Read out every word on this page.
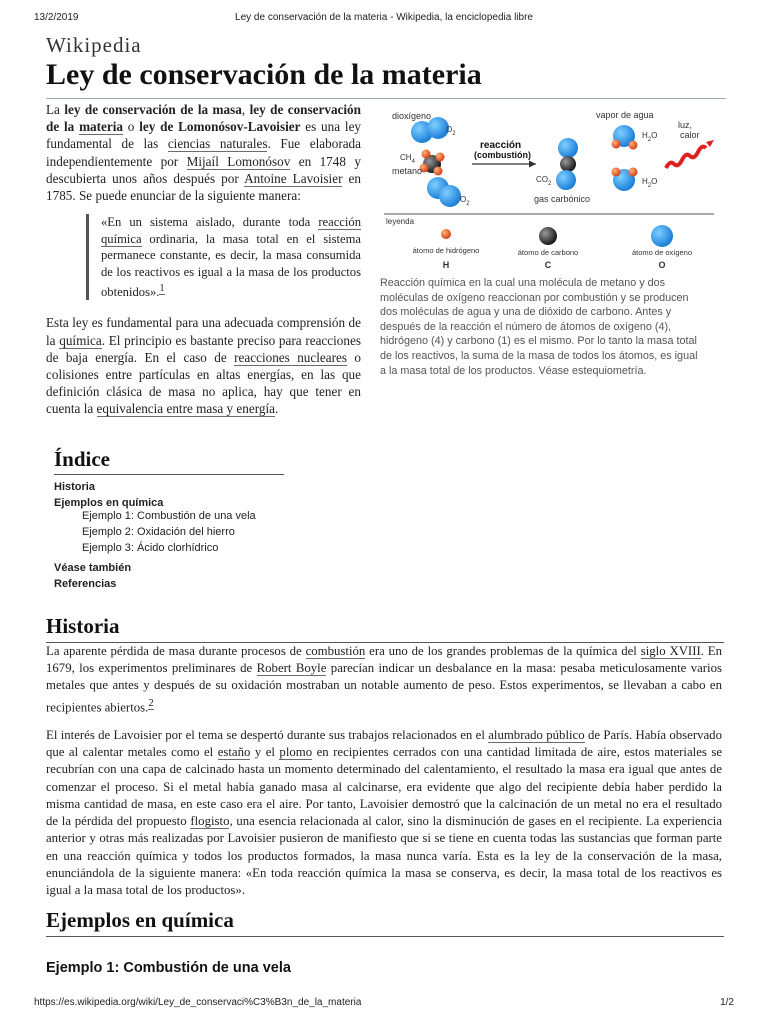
13/2/2019	Ley de conservación de la materia - Wikipedia, la enciclopedia libre
Wikipedia
Ley de conservación de la materia

La ley de conservación de la masa, ley de conservación de la materia o ley de Lomonósov-Lavoisier es una ley fundamental de las ciencias naturales. Fue elaborada independientemente por Mijaíl Lomonósov en 1748 y descubierta unos años después por Antoine Lavoisier en 1785. Se puede enunciar de la siguiente manera:

«En un sistema aislado, durante toda reacción química ordinaria, la masa total en el sistema permanece constante, es decir, la masa consumida de los reactivos es igual a la masa de los productos obtenidos».$^1$

Esta ley es fundamental para una adecuada comprensión de la química. El principio es bastante preciso para reacciones de baja energía. En el caso de reacciones nucleares o colisiones entre partículas en altas energías, en las que definición clásica de masa no aplica, hay que tener en cuenta la equivalencia entre masa y energía.

dioxígeno
$O_2$
$CH_4$
metano
$O_2$
reacción
(combustión)
$CO_2$
gas carbónico
vapor de agua
$H_2O$
$H_2O$
luz,
calor
leyenda
átomo de hidrógeno
H
átomo de carbono
C
átomo de oxígeno
O
Reacción química en la cual una molécula de metano y dos moléculas de oxígeno reaccionan por combustión y se producen dos moléculas de agua y una de dióxido de carbono. Antes y después de la reacción el número de átomos de oxígeno (4), hidrógeno (4) y carbono (1) es el mismo. Por lo tanto la masa total de los reactivos, la suma de la masa de todos los átomos, es igual a la masa total de los productos. Véase estequiometría.
Índice
Historia
Ejemplos en química
Ejemplo 1: Combustión de una vela
Ejemplo 2: Oxidación del hierro
Ejemplo 3: Ácido clorhídrico
Véase también
Referencias
Historia

La aparente pérdida de masa durante procesos de combustión era uno de los grandes problemas de la química del siglo XVIII. En 1679, los experimentos preliminares de Robert Boyle parecían indicar un desbalance en la masa: pesaba meticulosamente varios metales que antes y después de su oxidación mostraban un notable aumento de peso. Estos experimentos, se llevaban a cabo en recipientes abiertos.$^2$

El interés de Lavoisier por el tema se despertó durante sus trabajos relacionados en el alumbrado público de París. Había observado que al calentar metales como el estaño y el plomo en recipientes cerrados con una cantidad limitada de aire, estos materiales se recubrían con una capa de calcinado hasta un momento determinado del calentamiento, el resultado la masa era igual que antes de comenzar el proceso. Si el metal había ganado masa al calcinarse, era evidente que algo del recipiente debía haber perdido la misma cantidad de masa, en este caso era el aire. Por tanto, Lavoisier demostró que la calcinación de un metal no era el resultado de la pérdida del propuesto flogisto, una esencia relacionada al calor, sino la disminución de gases en el recipiente. La experiencia anterior y otras más realizadas por Lavoisier pusieron de manifiesto que si se tiene en cuenta todas las sustancias que forman parte en una reacción química y todos los productos formados, la masa nunca varía. Esta es la ley de la conservación de la masa, enunciándola de la siguiente manera: «En toda reacción química la masa se conserva, es decir, la masa total de los reactivos es igual a la masa total de los productos».

Ejemplos en química
Ejemplo 1: Combustión de una vela
https://es.wikipedia.org/wiki/Ley_de_conservaci%C3%B3n_de_la_materia	1/2
